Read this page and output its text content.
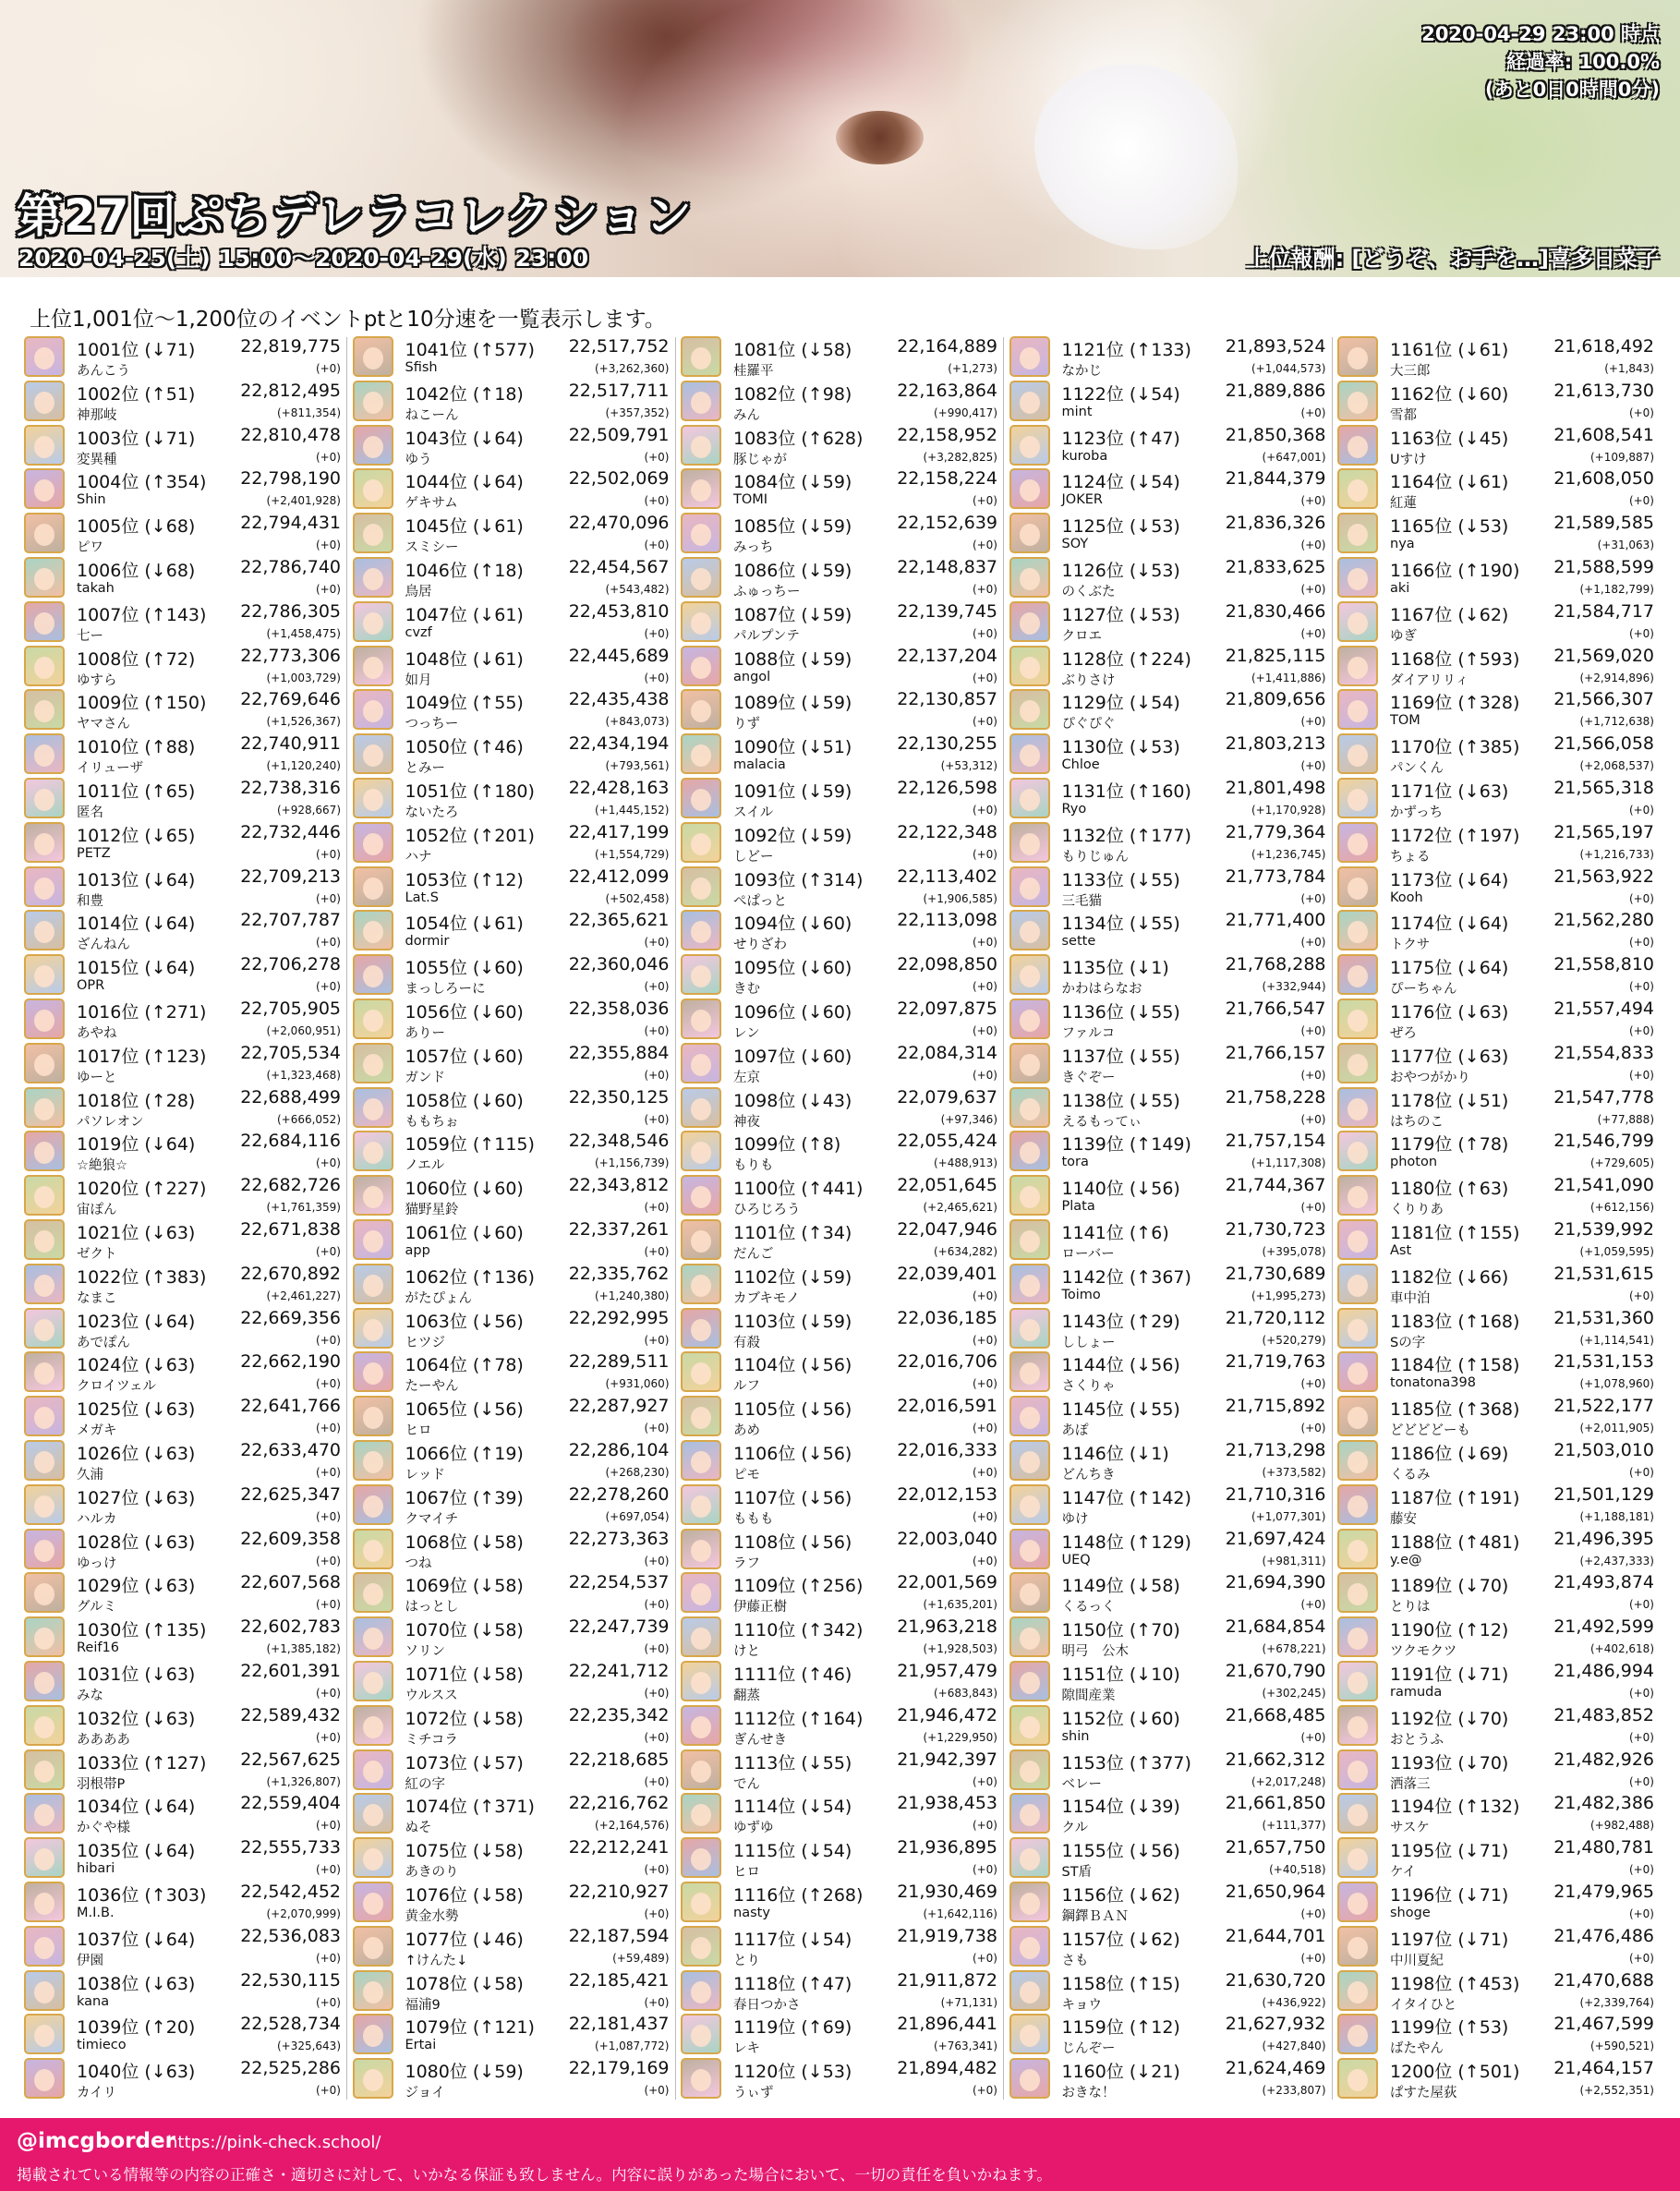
第27回ぷちデレラコレクション
2020-04-25(土) 15:00～2020-04-29(水) 23:00
2020-04-29 23:00 時点
経過率: 100.0%
(あと0日0時間0分)
上位報酬: [どうぞ、お手を…]喜多日菜子
上位1,001位～1,200位のイベントptと10分速を一覧表示します。
1001位 (↓71)	22,819,775
あんこう	(+0)
1002位 (↑51)	22,812,495
神那岐	(+811,354)
1003位 (↓71)	22,810,478
変異種	(+0)
1004位 (↑354) 22,798,190
Shin	(+2,401,928)
1005位 (↓68)	22,794,431
ピワ	(+0)
1006位 (↓68)	22,786,740
takah	(+0)
1007位 (↑143) 22,786,305
七ー	(+1,458,475)
1008位 (↑72)	22,773,306
ゆすら	(+1,003,729)
1009位 (↑150) 22,769,646
ヤマさん	(+1,526,367)
1010位 (↑88)	22,740,911
イリューザ	(+1,120,240)
1011位 (↑65)	22,738,316
匿名	(+928,667)
1012位 (↓65)	22,732,446
PETZ	(+0)
1013位 (↓64)	22,709,213
和豊	(+0)
1014位 (↓64)	22,707,787
ざんねん	(+0)
1015位 (↓64)	22,706,278
OPR	(+0)
1016位 (↑271) 22,705,905
あやね	(+2,060,951)
1017位 (↑123) 22,705,534
ゆーと	(+1,323,468)
1018位 (↑28)	22,688,499
パソレオン	(+666,052)
1019位 (↓64)	22,684,116
☆絶狼☆	(+0)
1020位 (↑227) 22,682,726
宙ぽん	(+1,761,359)
1021位 (↓63)	22,671,838
ゼクト	(+0)
1022位 (↑383) 22,670,892
なまこ	(+2,461,227)
1023位 (↓64)	22,669,356
あでぽん	(+0)
1024位 (↓63)	22,662,190
クロイツェル	(+0)
1025位 (↓63)	22,641,766
メガキ	(+0)
1026位 (↓63)	22,633,470
久浦	(+0)
1027位 (↓63)	22,625,347
ハルカ	(+0)
1028位 (↓63)	22,609,358
ゆっけ	(+0)
1029位 (↓63)	22,607,568
グルミ	(+0)
1030位 (↑135) 22,602,783
Reif16	(+1,385,182)
1031位 (↓63)	22,601,391
みな	(+0)
1032位 (↓63)	22,589,432
ああああ	(+0)
1033位 (↑127) 22,567,625
羽根帯P	(+1,326,807)
1034位 (↓64)	22,559,404
かぐや様	(+0)
1035位 (↓64)	22,555,733
hibari	(+0)
1036位 (↑303) 22,542,452
M.I.B.	(+2,070,999)
1037位 (↓64)	22,536,083
伊園	(+0)
1038位 (↓63)	22,530,115
kana	(+0)
1039位 (↑20)	22,528,734
timieco	(+325,643)
1040位 (↓63)	22,525,286
カイリ	(+0)
1041位 (↑577) 22,517,752
Sfish	(+3,262,360)
1042位 (↑18)	22,517,711
ねこーん	(+357,352)
1043位 (↓64)	22,509,791
ゆう	(+0)
1044位 (↓64)	22,502,069
ゲキサム	(+0)
1045位 (↓61)	22,470,096
スミシー	(+0)
1046位 (↑18)	22,454,567
鳥居	(+543,482)
1047位 (↓61)	22,453,810
cvzf	(+0)
1048位 (↓61)	22,445,689
如月	(+0)
1049位 (↑55)	22,435,438
つっちー	(+843,073)
1050位 (↑46)	22,434,194
とみー	(+793,561)
1051位 (↑180) 22,428,163
ないたろ	(+1,445,152)
1052位 (↑201) 22,417,199
ハナ	(+1,554,729)
1053位 (↑12)	22,412,099
Lat.S	(+502,458)
1054位 (↓61)	22,365,621
dormir	(+0)
1055位 (↓60)	22,360,046
まっしろーに	(+0)
1056位 (↓60)	22,358,036
ありー	(+0)
1057位 (↓60)	22,355,884
ガンド	(+0)
1058位 (↓60)	22,350,125
ももちぉ	(+0)
1059位 (↑115) 22,348,546
ノエル	(+1,156,739)
1060位 (↓60)	22,343,812
猫野星鈴	(+0)
1061位 (↓60)	22,337,261
app	(+0)
1062位 (↑136) 22,335,762
がたぴょん	(+1,240,380)
1063位 (↓56)	22,292,995
ヒツジ	(+0)
1064位 (↑78)	22,289,511
たーやん	(+931,060)
1065位 (↓56)	22,287,927
ヒロ	(+0)
1066位 (↑19)	22,286,104
レッド	(+268,230)
1067位 (↑39)	22,278,260
クマイチ	(+697,054)
1068位 (↓58)	22,273,363
つね	(+0)
1069位 (↓58)	22,254,537
はっとし	(+0)
1070位 (↓58)	22,247,739
ソリン	(+0)
1071位 (↓58)	22,241,712
ウルスス	(+0)
1072位 (↓58)	22,235,342
ミチコラ	(+0)
1073位 (↓57)	22,218,685
紅の字	(+0)
1074位 (↑371) 22,216,762
ぬそ	(+2,164,576)
1075位 (↓58)	22,212,241
あきのり	(+0)
1076位 (↓58)	22,210,927
黄金水勢	(+0)
1077位 (↓46)	22,187,594
↑けんた↓	(+59,489)
1078位 (↓58)	22,185,421
福浦9	(+0)
1079位 (↑121) 22,181,437
Ertai	(+1,087,772)
1080位 (↓59)	22,179,169
ジョイ	(+0)
1081位 (↓58)	22,164,889
桂羅平	(+1,273)
1082位 (↑98)	22,163,864
みん	(+990,417)
1083位 (↑628) 22,158,952
豚じゃが	(+3,282,825)
1084位 (↓59)	22,158,224
TOMI	(+0)
1085位 (↓59)	22,152,639
みっち	(+0)
1086位 (↓59)	22,148,837
ふゅっちー	(+0)
1087位 (↓59)	22,139,745
パルプンテ	(+0)
1088位 (↓59)	22,137,204
angol	(+0)
1089位 (↓59)	22,130,857
りず	(+0)
1090位 (↓51)	22,130,255
malacia	(+53,312)
1091位 (↓59)	22,126,598
スイル	(+0)
1092位 (↓59)	22,122,348
しどー	(+0)
1093位 (↑314) 22,113,402
ぺぱっと	(+1,906,585)
1094位 (↓60)	22,113,098
せりざわ	(+0)
1095位 (↓60)	22,098,850
きむ	(+0)
1096位 (↓60)	22,097,875
レン	(+0)
1097位 (↓60)	22,084,314
左京	(+0)
1098位 (↓43)	22,079,637
神夜	(+97,346)
1099位 (↑8)	22,055,424
もりも	(+488,913)
1100位 (↑441) 22,051,645
ひろじろう	(+2,465,621)
1101位 (↑34)	22,047,946
だんご	(+634,282)
1102位 (↓59)	22,039,401
カブキモノ	(+0)
1103位 (↓59)	22,036,185
有殺	(+0)
1104位 (↓56)	22,016,706
ルフ	(+0)
1105位 (↓56)	22,016,591
あめ	(+0)
1106位 (↓56)	22,016,333
ピモ	(+0)
1107位 (↓56)	22,012,153
ももも	(+0)
1108位 (↓56)	22,003,040
ラフ	(+0)
1109位 (↑256) 22,001,569
伊藤正樹	(+1,635,201)
1110位 (↑342) 21,963,218
けと	(+1,928,503)
1111位 (↑46)	21,957,479
翻蒸	(+683,843)
1112位 (↑164) 21,946,472
ぎんせき	(+1,229,950)
1113位 (↓55)	21,942,397
でん	(+0)
1114位 (↓54)	21,938,453
ゆずゆ	(+0)
1115位 (↓54)	21,936,895
ヒロ	(+0)
1116位 (↑268) 21,930,469
nasty	(+1,642,116)
1117位 (↓54)	21,919,738
とり	(+0)
1118位 (↑47)	21,911,872
春日つかさ	(+71,131)
1119位 (↑69)	21,896,441
レキ	(+763,341)
1120位 (↓53)	21,894,482
うぃず	(+0)
1121位 (↑133) 21,893,524
なかじ	(+1,044,573)
1122位 (↓54)	21,889,886
mint	(+0)
1123位 (↑47)	21,850,368
kuroba	(+647,001)
1124位 (↓54)	21,844,379
JOKER	(+0)
1125位 (↓53)	21,836,326
SOY	(+0)
1126位 (↓53)	21,833,625
のくぶた	(+0)
1127位 (↓53)	21,830,466
クロエ	(+0)
1128位 (↑224) 21,825,115
ぶりさけ	(+1,411,886)
1129位 (↓54)	21,809,656
ぴぐぴぐ	(+0)
1130位 (↓53)	21,803,213
Chloe	(+0)
1131位 (↑160) 21,801,498
Ryo	(+1,170,928)
1132位 (↑177) 21,779,364
もりじゅん	(+1,236,745)
1133位 (↓55)	21,773,784
三毛猫	(+0)
1134位 (↓55)	21,771,400
sette	(+0)
1135位 (↓1)	21,768,288
かわはらなお	(+332,944)
1136位 (↓55)	21,766,547
ファルコ	(+0)
1137位 (↓55)	21,766,157
きぐぞー	(+0)
1138位 (↓55)	21,758,228
えるもってぃ	(+0)
1139位 (↑149) 21,757,154
tora	(+1,117,308)
1140位 (↓56)	21,744,367
Plata	(+0)
1141位 (↑6)	21,730,723
ローバー	(+395,078)
1142位 (↑367) 21,730,689
Toimo	(+1,995,273)
1143位 (↑29)	21,720,112
ししょー	(+520,279)
1144位 (↓56)	21,719,763
さくりゃ	(+0)
1145位 (↓55)	21,715,892
あぽ	(+0)
1146位 (↓1)	21,713,298
どんちき	(+373,582)
1147位 (↑142) 21,710,316
ゆけ	(+1,077,301)
1148位 (↑129) 21,697,424
UEQ	(+981,311)
1149位 (↓58)	21,694,390
くるっく	(+0)
1150位 (↑70)	21,684,854
明弓　公木	(+678,221)
1151位 (↓10)	21,670,790
隙間産業	(+302,245)
1152位 (↓60)	21,668,485
shin	(+0)
1153位 (↑377) 21,662,312
ベレー	(+2,017,248)
1154位 (↓39)	21,661,850
クル	(+111,377)
1155位 (↓56)	21,657,750
ST盾	(+40,518)
1156位 (↓62)	21,650,964
鋼鐸ＢＡＮ	(+0)
1157位 (↓62)	21,644,701
さも	(+0)
1158位 (↑15)	21,630,720
キョウ	(+436,922)
1159位 (↑12)	21,627,932
じんぞー	(+427,840)
1160位 (↓21)	21,624,469
おきな！	(+233,807)
1161位 (↓61)	21,618,492
大三郎	(+1,843)
1162位 (↓60)	21,613,730
雪都	(+0)
1163位 (↓45)	21,608,541
Uすけ	(+109,887)
1164位 (↓61)	21,608,050
紅蓮	(+0)
1165位 (↓53)	21,589,585
nya	(+31,063)
1166位 (↑190) 21,588,599
aki	(+1,182,799)
1167位 (↓62)	21,584,717
ゆぎ	(+0)
1168位 (↑593) 21,569,020
ダイアリリィ	(+2,914,896)
1169位 (↑328) 21,566,307
TOM	(+1,712,638)
1170位 (↑385) 21,566,058
パンくん	(+2,068,537)
1171位 (↓63)	21,565,318
かずっち	(+0)
1172位 (↑197) 21,565,197
ちょる	(+1,216,733)
1173位 (↓64)	21,563,922
Kooh	(+0)
1174位 (↓64)	21,562,280
トクサ	(+0)
1175位 (↓64)	21,558,810
ぴーちゃん	(+0)
1176位 (↓63)	21,557,494
ぜろ	(+0)
1177位 (↓63)	21,554,833
おやつがかり	(+0)
1178位 (↓51)	21,547,778
はちのこ	(+77,888)
1179位 (↑78)	21,546,799
photon	(+729,605)
1180位 (↑63)	21,541,090
くりりあ	(+612,156)
1181位 (↑155) 21,539,992
Ast	(+1,059,595)
1182位 (↓66)	21,531,615
車中泊	(+0)
1183位 (↑168) 21,531,360
Sの字	(+1,114,541)
1184位 (↑158) 21,531,153
tonatona398	(+1,078,960)
1185位 (↑368) 21,522,177
どどどどーも	(+2,011,905)
1186位 (↓69)	21,503,010
くるみ	(+0)
1187位 (↑191) 21,501,129
藤安	(+1,188,181)
1188位 (↑481) 21,496,395
y.e@	(+2,437,333)
1189位 (↓70)	21,493,874
とりは	(+0)
1190位 (↑12)	21,492,599
ツクモクツ	(+402,618)
1191位 (↓71)	21,486,994
ramuda	(+0)
1192位 (↓70)	21,483,852
おとうふ	(+0)
1193位 (↓70)	21,482,926
洒落三	(+0)
1194位 (↑132) 21,482,386
サスケ	(+982,488)
1195位 (↓71)	21,480,781
ケイ	(+0)
1196位 (↓71)	21,479,965
shoge	(+0)
1197位 (↓71)	21,476,486
中川夏紀	(+0)
1198位 (↑453) 21,470,688
イタイひと	(+2,339,764)
1199位 (↑53)	21,467,599
ばたやん	(+590,521)
1200位 (↑501) 21,464,157
ぱすた屋荻	(+2,552,351)
@imcgborder
https://pink-check.school/
掲載されている情報等の内容の正確さ・適切さに対して、いかなる保証も致しません。内容に誤りがあった場合において、一切の責任を負いかねます。
